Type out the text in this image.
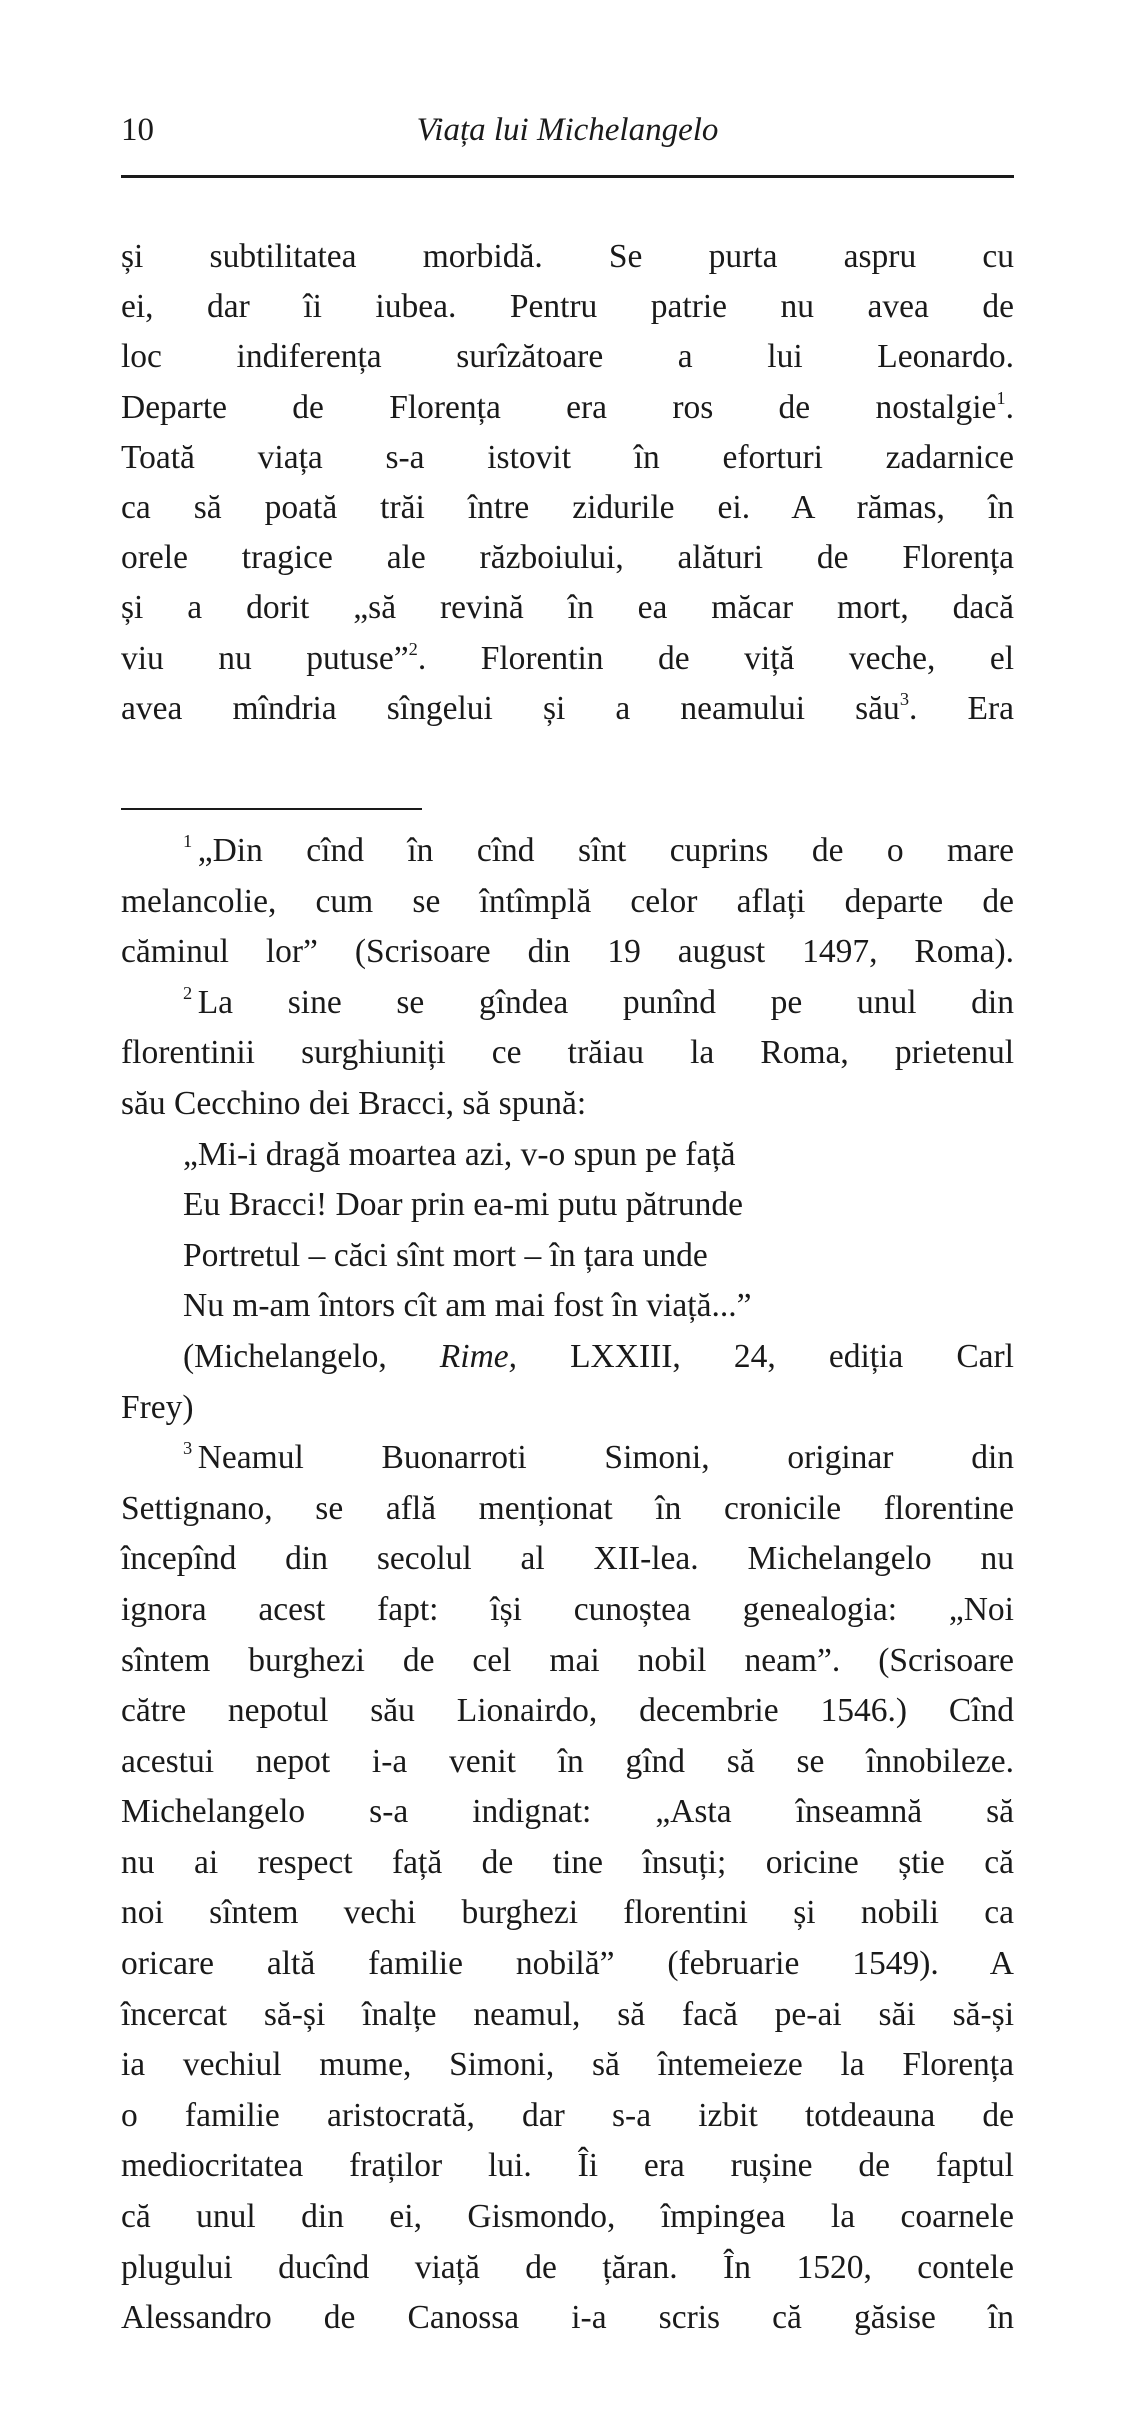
10	Viața lui Michelangelo
și subtilitatea morbidă. Se purta aspru cu
ei, dar îi iubea. Pentru patrie nu avea de
loc indiferența surîzătoare a lui Leonardo.
Departe de Florența era ros de nostalgie$^1$.
Toată viața s-a istovit în eforturi zadarnice
ca să poată trăi între zidurile ei. A rămas, în
orele tragice ale războiului, alături de Florența
și a dorit „să revină în ea măcar mort, dacă
viu nu putuse”$^2$. Florentin de viță veche, el
avea mîndria sîngelui și a neamului său$^3$. Era
$^1$ „Din cînd în cînd sînt cuprins de o mare
melancolie, cum se întîmplă celor aflați departe de
căminul lor” (Scrisoare din 19 august 1497, Roma).
$^2$ La sine se gîndea punînd pe unul din
florentinii surghiuniți ce trăiau la Roma, prietenul
său Cecchino dei Bracci, să spună:
„Mi-i dragă moartea azi, v-o spun pe față
Eu Bracci! Doar prin ea-mi putu pătrunde
Portretul – căci sînt mort – în țara unde
Nu m-am întors cît am mai fost în viață...”
(Michelangelo, Rime, LXXIII, 24, ediția Carl
Frey)
$^3$ Neamul Buonarroti Simoni, originar din
Settignano, se află menționat în cronicile florentine
începînd din secolul al XII-lea. Michelangelo nu
ignora acest fapt: își cunoștea genealogia: „Noi
sîntem burghezi de cel mai nobil neam”. (Scrisoare
către nepotul său Lionairdo, decembrie 1546.) Cînd
acestui nepot i-a venit în gînd să se înnobileze.
Michelangelo s-a indignat: „Asta înseamnă să
nu ai respect față de tine însuți; oricine știe că
noi sîntem vechi burghezi florentini și nobili ca
oricare altă familie nobilă” (februarie 1549). A
încercat să-și înalțe neamul, să facă pe-ai săi să-și
ia vechiul mume, Simoni, să întemeieze la Florența
o familie aristocrată, dar s-a izbit totdeauna de
mediocritatea fraților lui. Îi era rușine de faptul
că unul din ei, Gismondo, împingea la coarnele
plugului ducînd viață de țăran. În 1520, contele
Alessandro de Canossa i-a scris că găsise în
